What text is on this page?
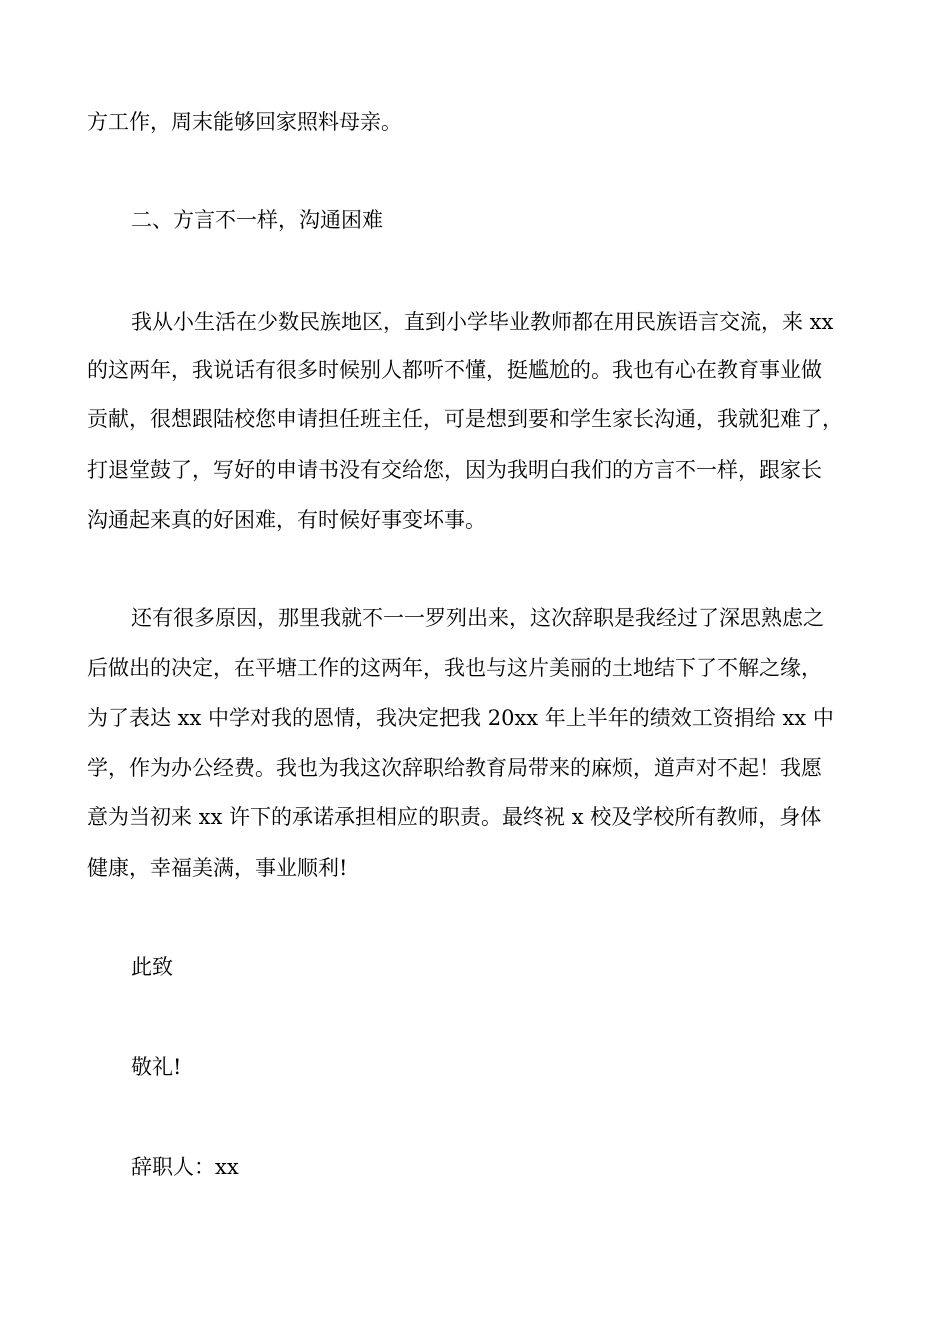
方工作，周末能够回家照料母亲。
二、方言不一样，沟通困难
我从小生活在少数民族地区，直到小学毕业教师都在用民族语言交流，来 xx
的这两年，我说话有很多时候别人都听不懂，挺尴尬的。我也有心在教育事业做
贡献，很想跟陆校您申请担任班主任，可是想到要和学生家长沟通，我就犯难了，
打退堂鼓了，写好的申请书没有交给您，因为我明白我们的方言不一样，跟家长
沟通起来真的好困难，有时候好事变坏事。
还有很多原因，那里我就不一一罗列出来，这次辞职是我经过了深思熟虑之
后做出的决定，在平塘工作的这两年，我也与这片美丽的土地结下了不解之缘，
为了表达 xx 中学对我的恩情，我决定把我 20xx 年上半年的绩效工资捐给 xx 中
学，作为办公经费。我也为我这次辞职给教育局带来的麻烦，道声对不起！我愿
意为当初来 xx 许下的承诺承担相应的职责。最终祝 x 校及学校所有教师，身体
健康，幸福美满，事业顺利!
此致
敬礼!
辞职人：xx
